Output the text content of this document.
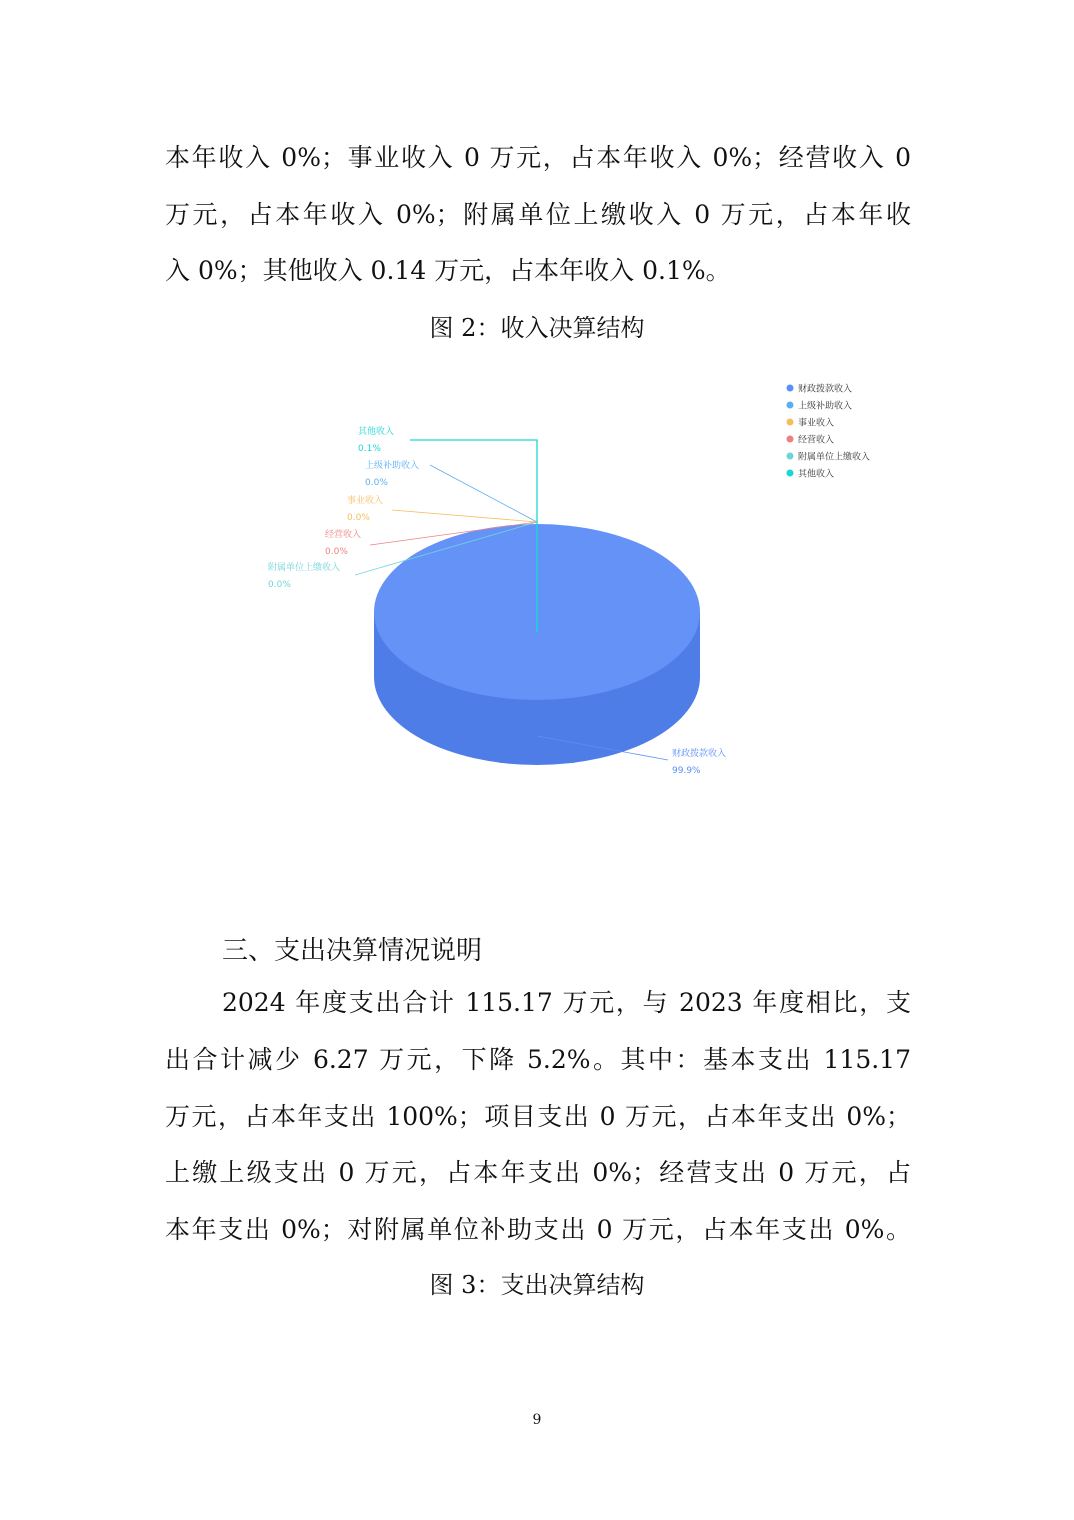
本年收入 0%；事业收入 0 万元，占本年收入 0%；经营收入 0
万元，占本年收入 0%；附属单位上缴收入 0 万元，占本年收
入 0%；其他收入 0.14 万元，占本年收入 0.1%。
图 2：收入决算结构
财政拨款收入
上级补助收入
事业收入
经营收入
附属单位上缴收入
其他收入
上级补助收入
0.0%
事业收入
0.0%
经营收入
0.0%
附属单位上缴收入
0.0%
其他收入
0.1%
财政拨款收入
99.9%
三、支出决算情况说明
2024 年度支出合计 115.17 万元，与 2023 年度相比，支
出合计减少 6.27 万元，下降 5.2%。其中：基本支出 115.17
万元，占本年支出 100%；项目支出 0 万元，占本年支出 0%；
上缴上级支出 0 万元，占本年支出 0%；经营支出 0 万元，占
本年支出 0%；对附属单位补助支出 0 万元，占本年支出 0%。
图 3：支出决算结构
9
